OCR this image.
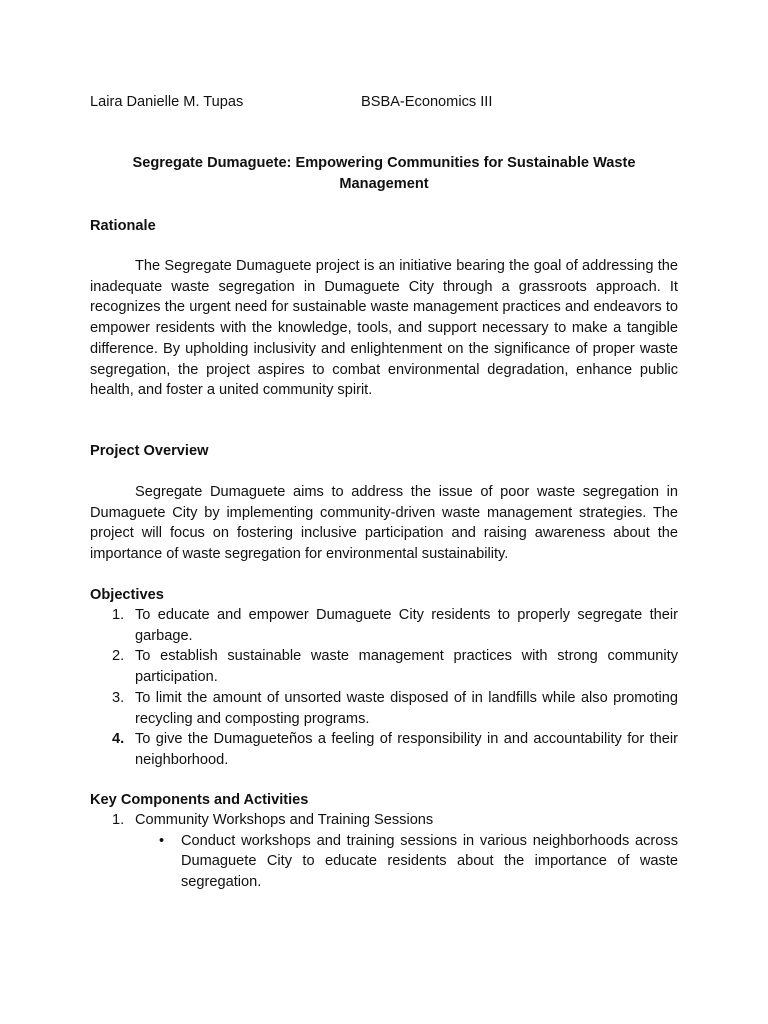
Laira Danielle M. Tupas	BSBA-Economics III
Segregate Dumaguete: Empowering Communities for Sustainable Waste
Management
Rationale

The Segregate Dumaguete project is an initiative bearing the goal of addressing the inadequate waste segregation in Dumaguete City through a grassroots approach. It recognizes the urgent need for sustainable waste management practices and endeavors to empower residents with the knowledge, tools, and support necessary to make a tangible difference. By upholding inclusivity and enlightenment on the significance of proper waste segregation, the project aspires to combat environmental degradation, enhance public health, and foster a united community spirit.

Project Overview

Segregate Dumaguete aims to address the issue of poor waste segregation in Dumaguete City by implementing community-driven waste management strategies. The project will focus on fostering inclusive participation and raising awareness about the importance of waste segregation for environmental sustainability.

Objectives
1. To educate and empower Dumaguete City residents to properly segregate their garbage.
2. To establish sustainable waste management practices with strong community participation.
3. To limit the amount of unsorted waste disposed of in landfills while also promoting recycling and composting programs.
4. To give the Dumagueteños a feeling of responsibility in and accountability for their neighborhood.
Key Components and Activities
1. Community Workshops and Training Sessions
• Conduct workshops and training sessions in various neighborhoods across Dumaguete City to educate residents about the importance of waste segregation.
